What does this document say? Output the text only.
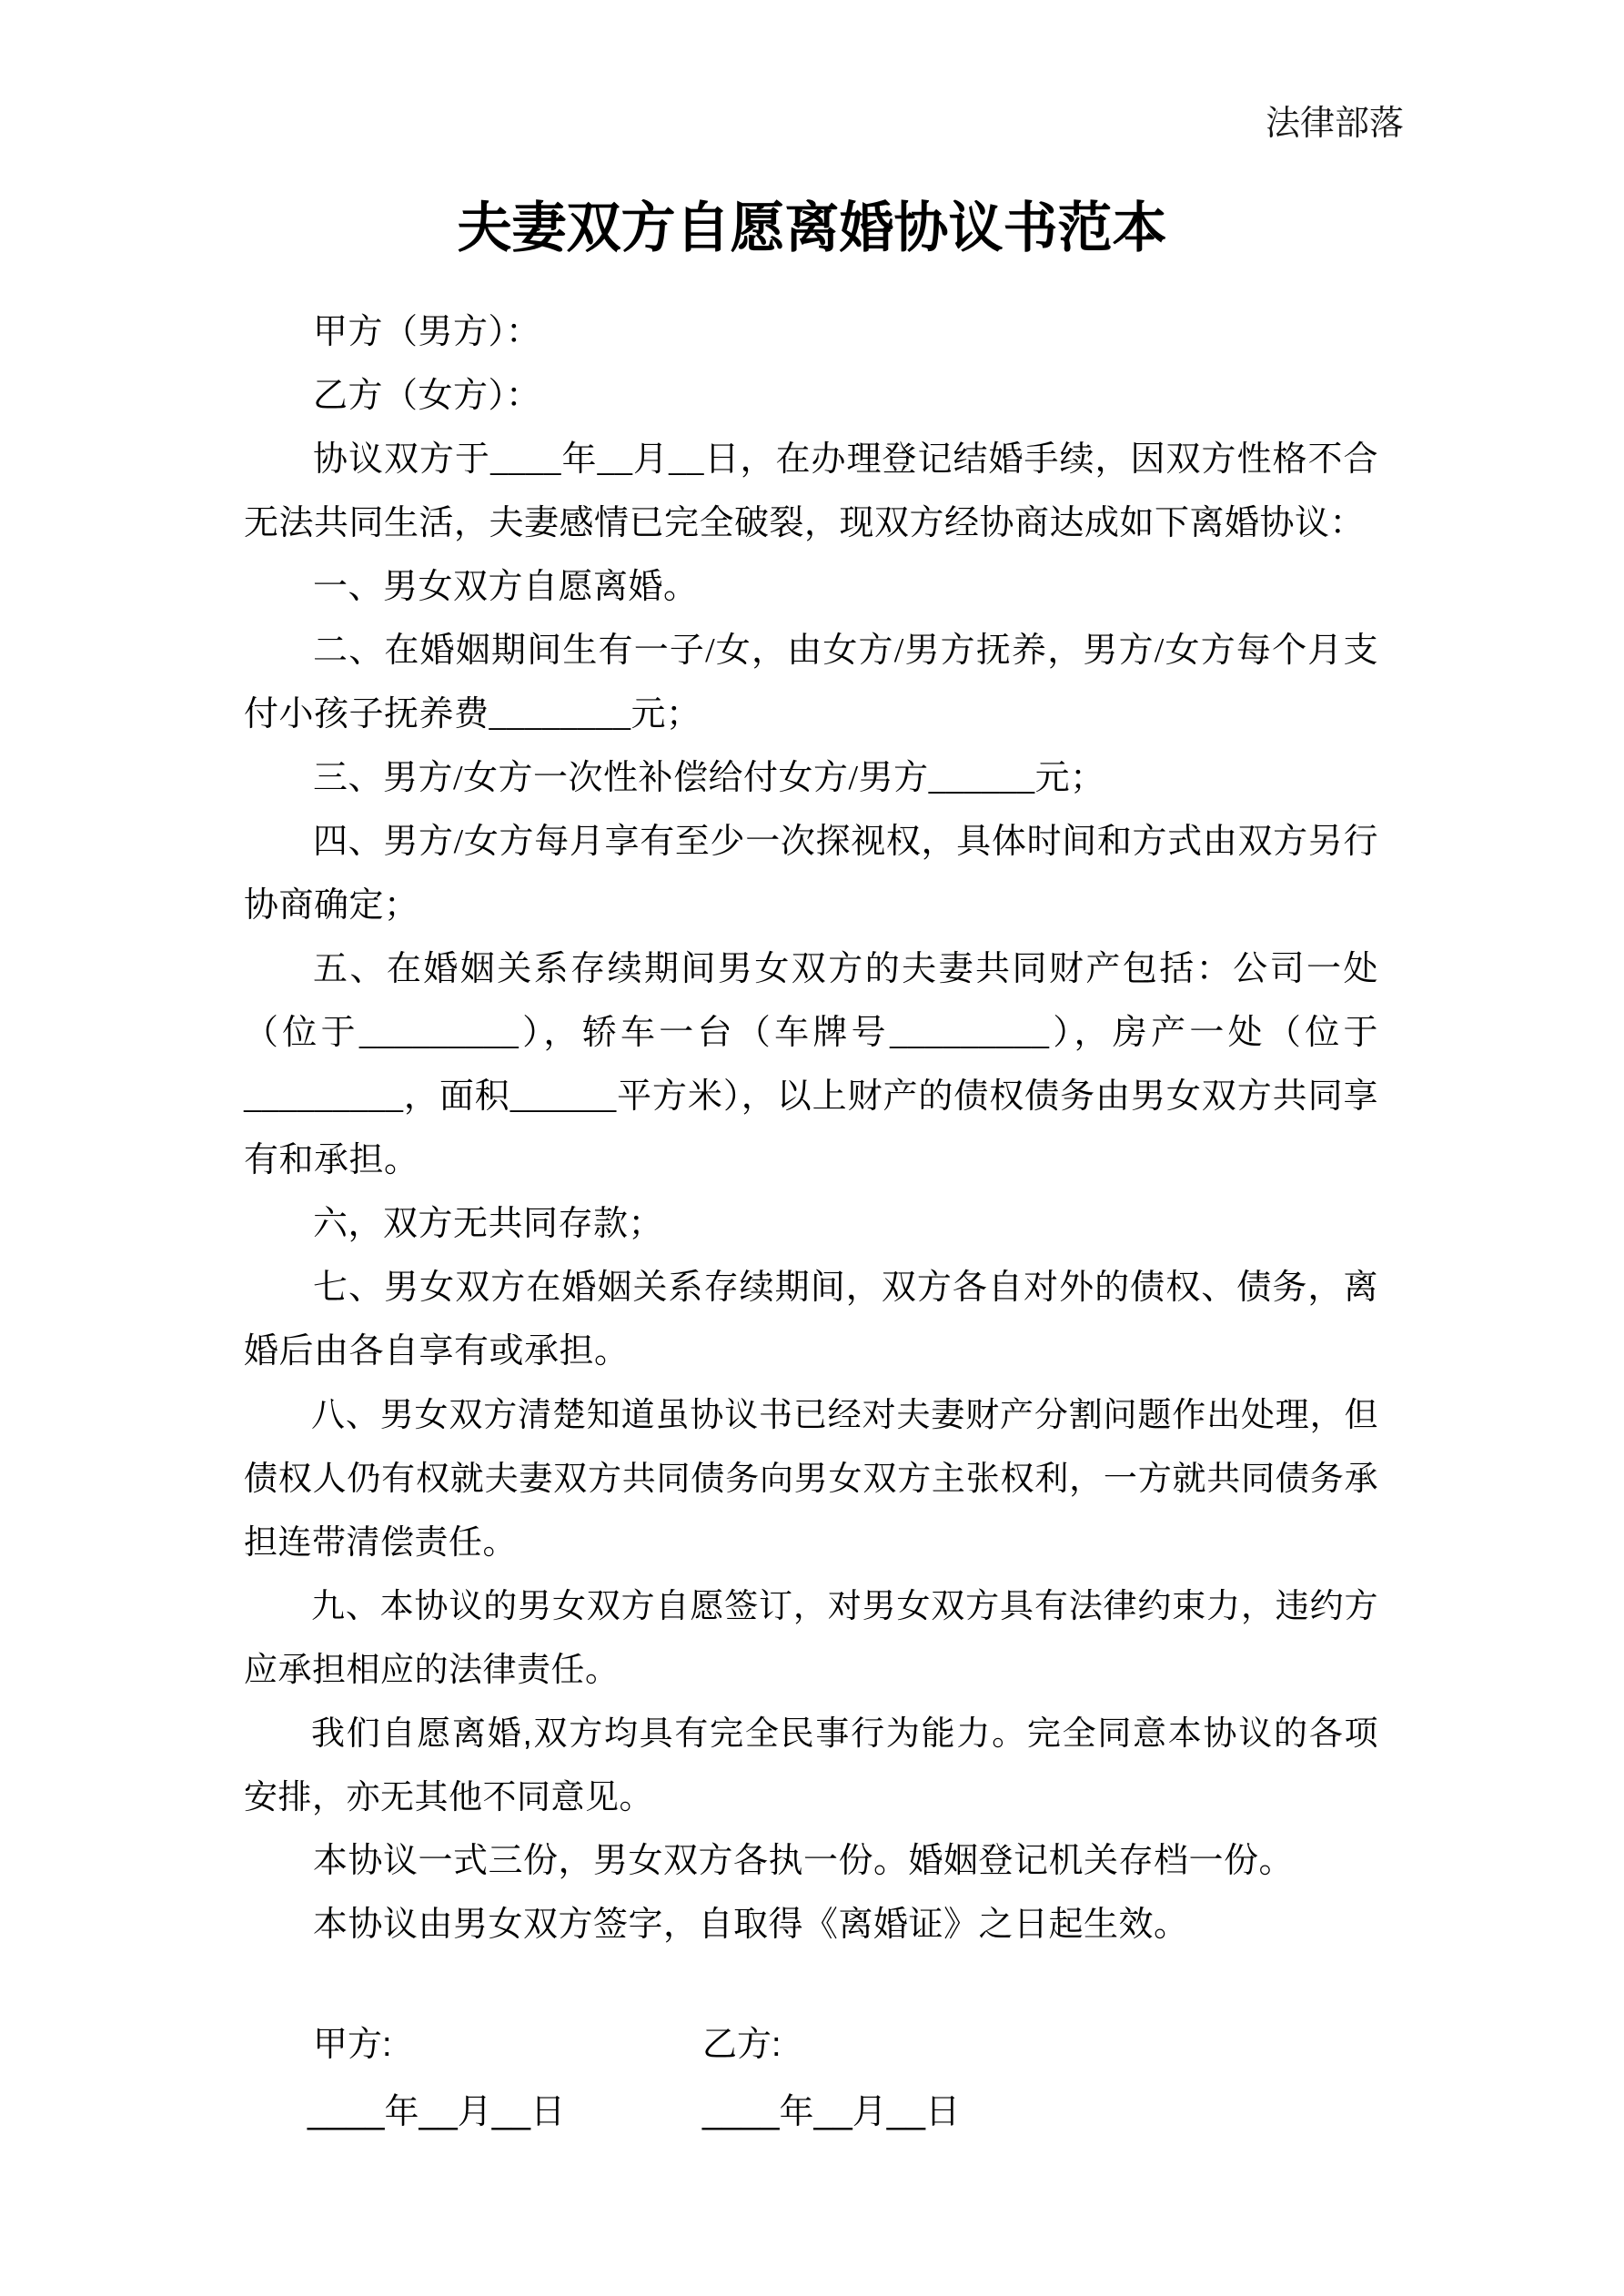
法律部落
夫妻双方自愿离婚协议书范本

甲方（男方）：

乙方（女方）：

协议双方于____年__月__日，在办理登记结婚手续，因双方性格不合无法共同生活，夫妻感情已完全破裂，现双方经协商达成如下离婚协议：

一、男女双方自愿离婚。

二、在婚姻期间生有一子/女，由女方/男方抚养，男方/女方每个月支付小孩子抚养费________元；

三、男方/女方一次性补偿给付女方/男方______元；

四、男方/女方每月享有至少一次探视权，具体时间和方式由双方另行协商确定；

五、在婚姻关系存续期间男女双方的夫妻共同财产包括：公司一处（位于_________），轿车一台（车牌号_________），房产一处（位于_________，面积______平方米），以上财产的债权债务由男女双方共同享有和承担。

六，双方无共同存款；

七、男女双方在婚姻关系存续期间，双方各自对外的债权、债务，离婚后由各自享有或承担。

八、男女双方清楚知道虽协议书已经对夫妻财产分割问题作出处理，但债权人仍有权就夫妻双方共同债务向男女双方主张权利，一方就共同债务承担连带清偿责任。

九、本协议的男女双方自愿签订，对男女双方具有法律约束力，违约方应承担相应的法律责任。

我们自愿离婚,双方均具有完全民事行为能力。完全同意本协议的各项安排，亦无其他不同意见。

本协议一式三份，男女双方各执一份。婚姻登记机关存档一份。

本协议由男女双方签字，自取得《离婚证》之日起生效。

甲方:	乙方:
____年__月__日	____年__月__日
